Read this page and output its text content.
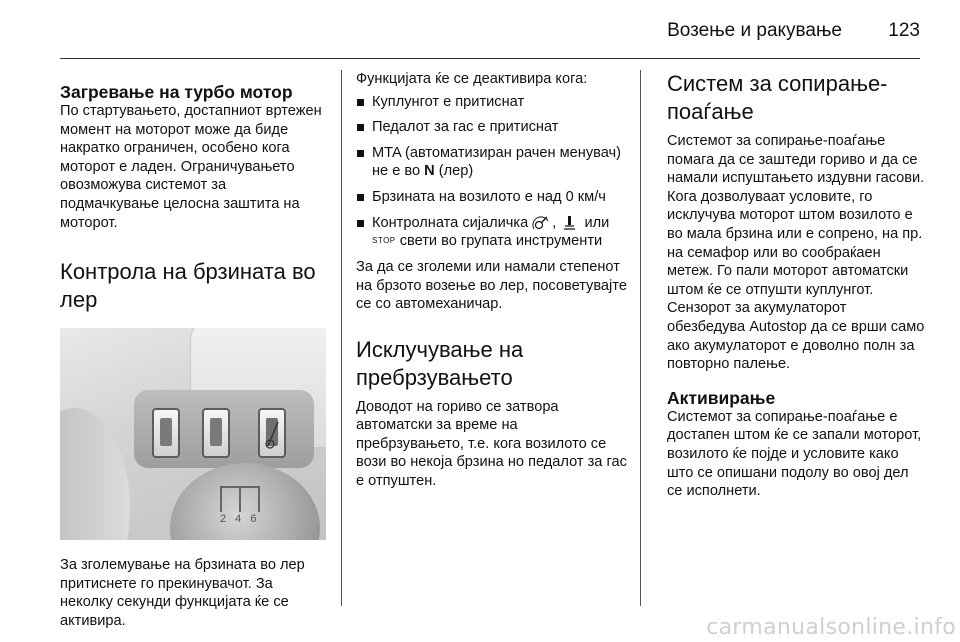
Возење и ракување 123
Загревање на турбо мотор

По стартувањето, достапниот вртежен момент на моторот може да биде накратко ограничен, особено кога моторот е ладен. Ограничувањето овозможува системот за подмачкување целосна заштита на моторот.

Контрола на брзината во лер
2 4 6

За зголемување на брзината во лер притиснете го прекинувачот. За неколку секунди функцијата ќе се активира.

Функцијата ќе се деактивира кога:

Куплунгот е притиснат
Педалот за гас е притиснат
MTA (автоматизиран рачен менувач) не е во N (лер)
Брзината на возилото е над 0 км/ч
Контролната сијаличка ,  или STOP свети во групата инструменти

За да се зголеми или намали степенот на брзото возење во лер, посоветувајте се со автомеханичар.

Исклучување на пребрзувањето

Доводот на гориво се затвора автоматски за време на пребрзувањето, т.е. кога возилото се вози во некоја брзина но педалот за гас е отпуштен.

Систем за сопирање-поаѓање

Системот за сопирање-поаѓање помага да се заштеди гориво и да се намали испуштањето издувни гасови. Кога дозволуваат условите, го исклучува моторот штом возилото е во мала брзина или е сопрено, на пр. на семафор или во сообраќаен метеж. Го пали моторот автоматски штом ќе се отпушти куплунгот. Сензорот за акумулаторот обезбедува Autostop да се врши само ако акумулаторот е доволно полн за повторно палење.

Активирање

Системот за сопирање-поаѓање е достапен штом ќе се запали моторот, возилото ќе појде и условите како што се опишани подолу во овој дел се исполнети.

carmanualsonline.info
